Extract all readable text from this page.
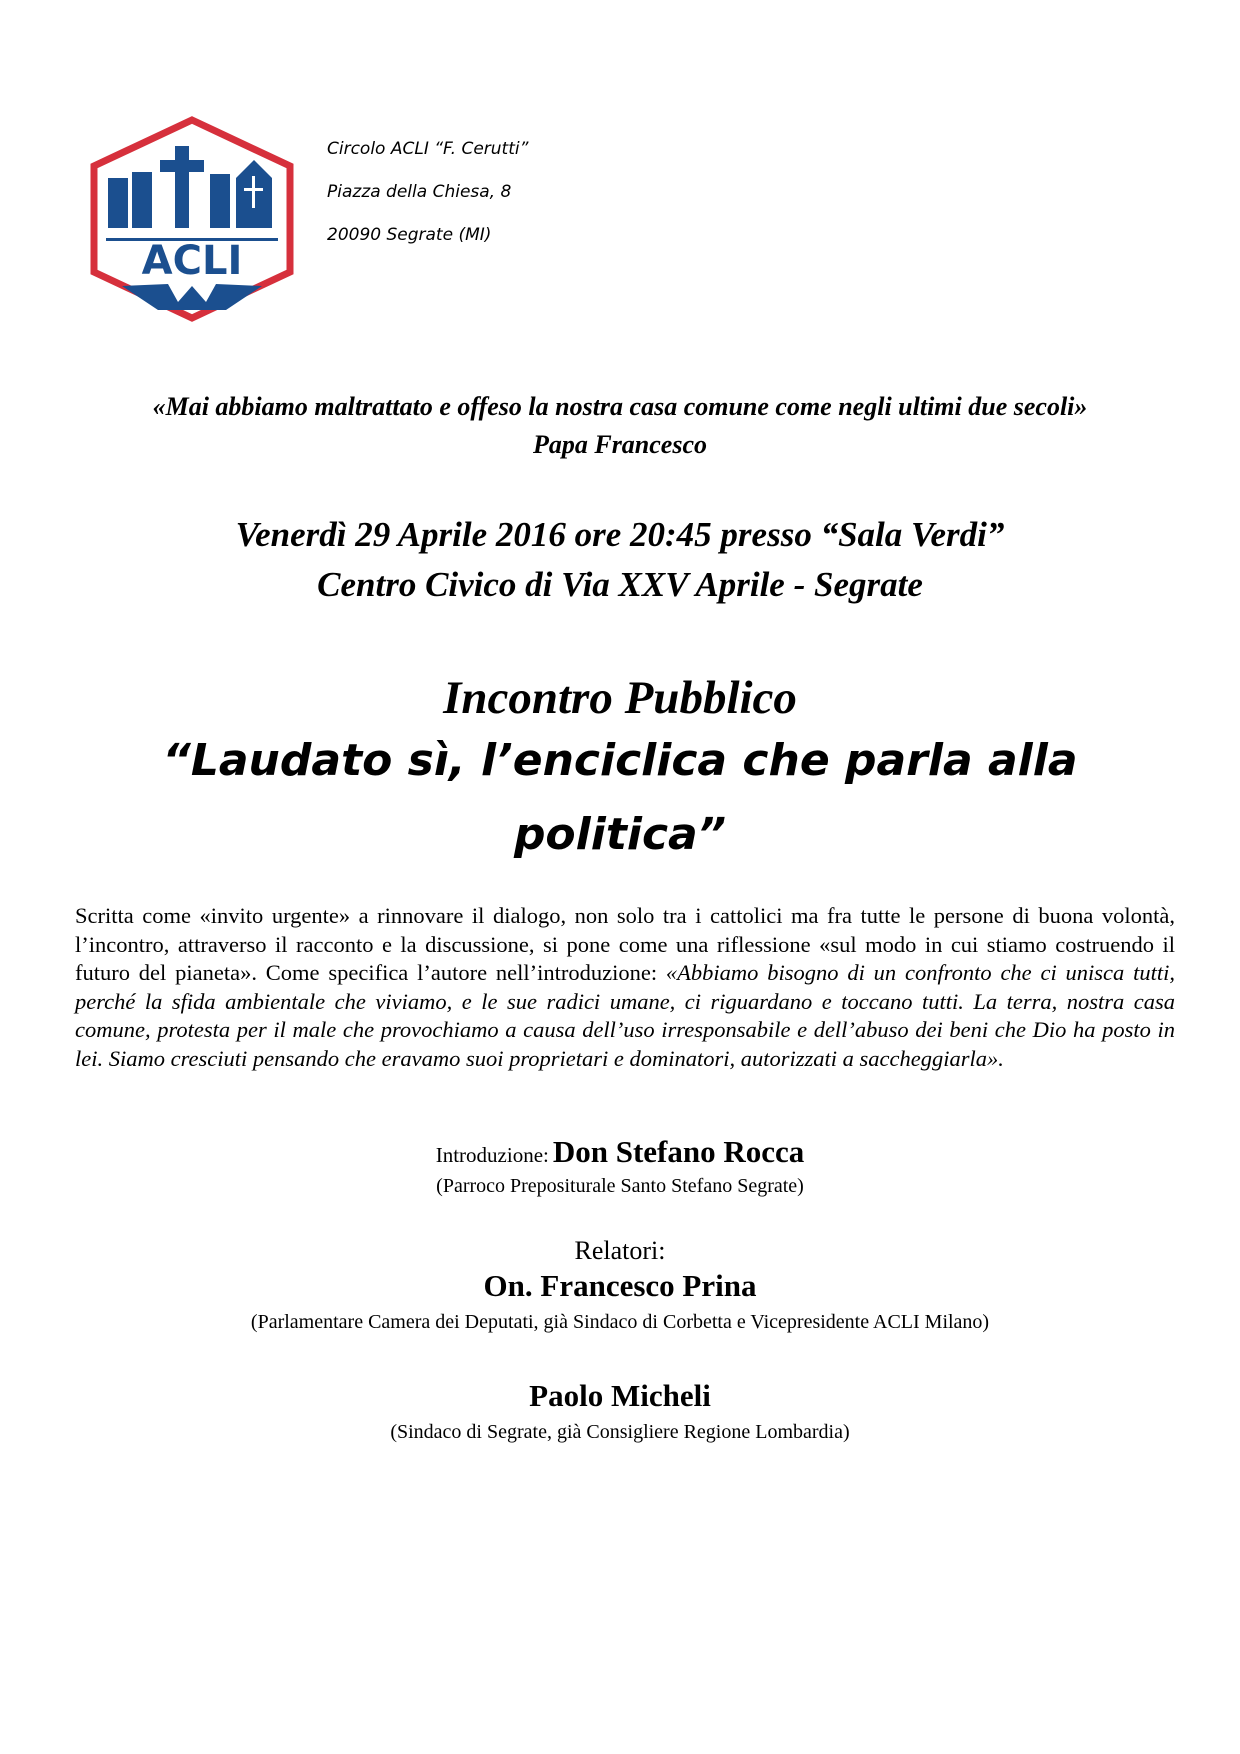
ACLI
Circolo ACLI “F. Cerutti”
Piazza della Chiesa, 8
20090 Segrate (MI)
«Mai abbiamo maltrattato e offeso la nostra casa comune come negli ultimi due secoli»
Papa Francesco
Venerdì 29 Aprile 2016 ore 20:45 presso “Sala Verdi”
Centro Civico di Via XXV Aprile - Segrate
Incontro Pubblico
“Laudato sì, l’enciclica che parla alla politica”
Scritta come «invito urgente» a rinnovare il dialogo, non solo tra i cattolici ma fra tutte le persone di buona volontà, l’incontro, attraverso il racconto e la discussione, si pone come una riflessione «sul modo in cui stiamo costruendo il futuro del pianeta». Come specifica l’autore nell’introduzione: «Abbiamo bisogno di un confronto che ci unisca tutti, perché la sfida ambientale che viviamo, e le sue radici umane, ci riguardano e toccano tutti. La terra, nostra casa comune, protesta per il male che provochiamo a causa dell’uso irresponsabile e dell’abuso dei beni che Dio ha posto in lei. Siamo cresciuti pensando che eravamo suoi proprietari e dominatori, autorizzati a saccheggiarla».
Introduzione: Don Stefano Rocca
(Parroco Prepositurale Santo Stefano Segrate)
Relatori:
On. Francesco Prina
(Parlamentare Camera dei Deputati, già Sindaco di Corbetta e Vicepresidente ACLI Milano)
Paolo Micheli
(Sindaco di Segrate, già Consigliere Regione Lombardia)
